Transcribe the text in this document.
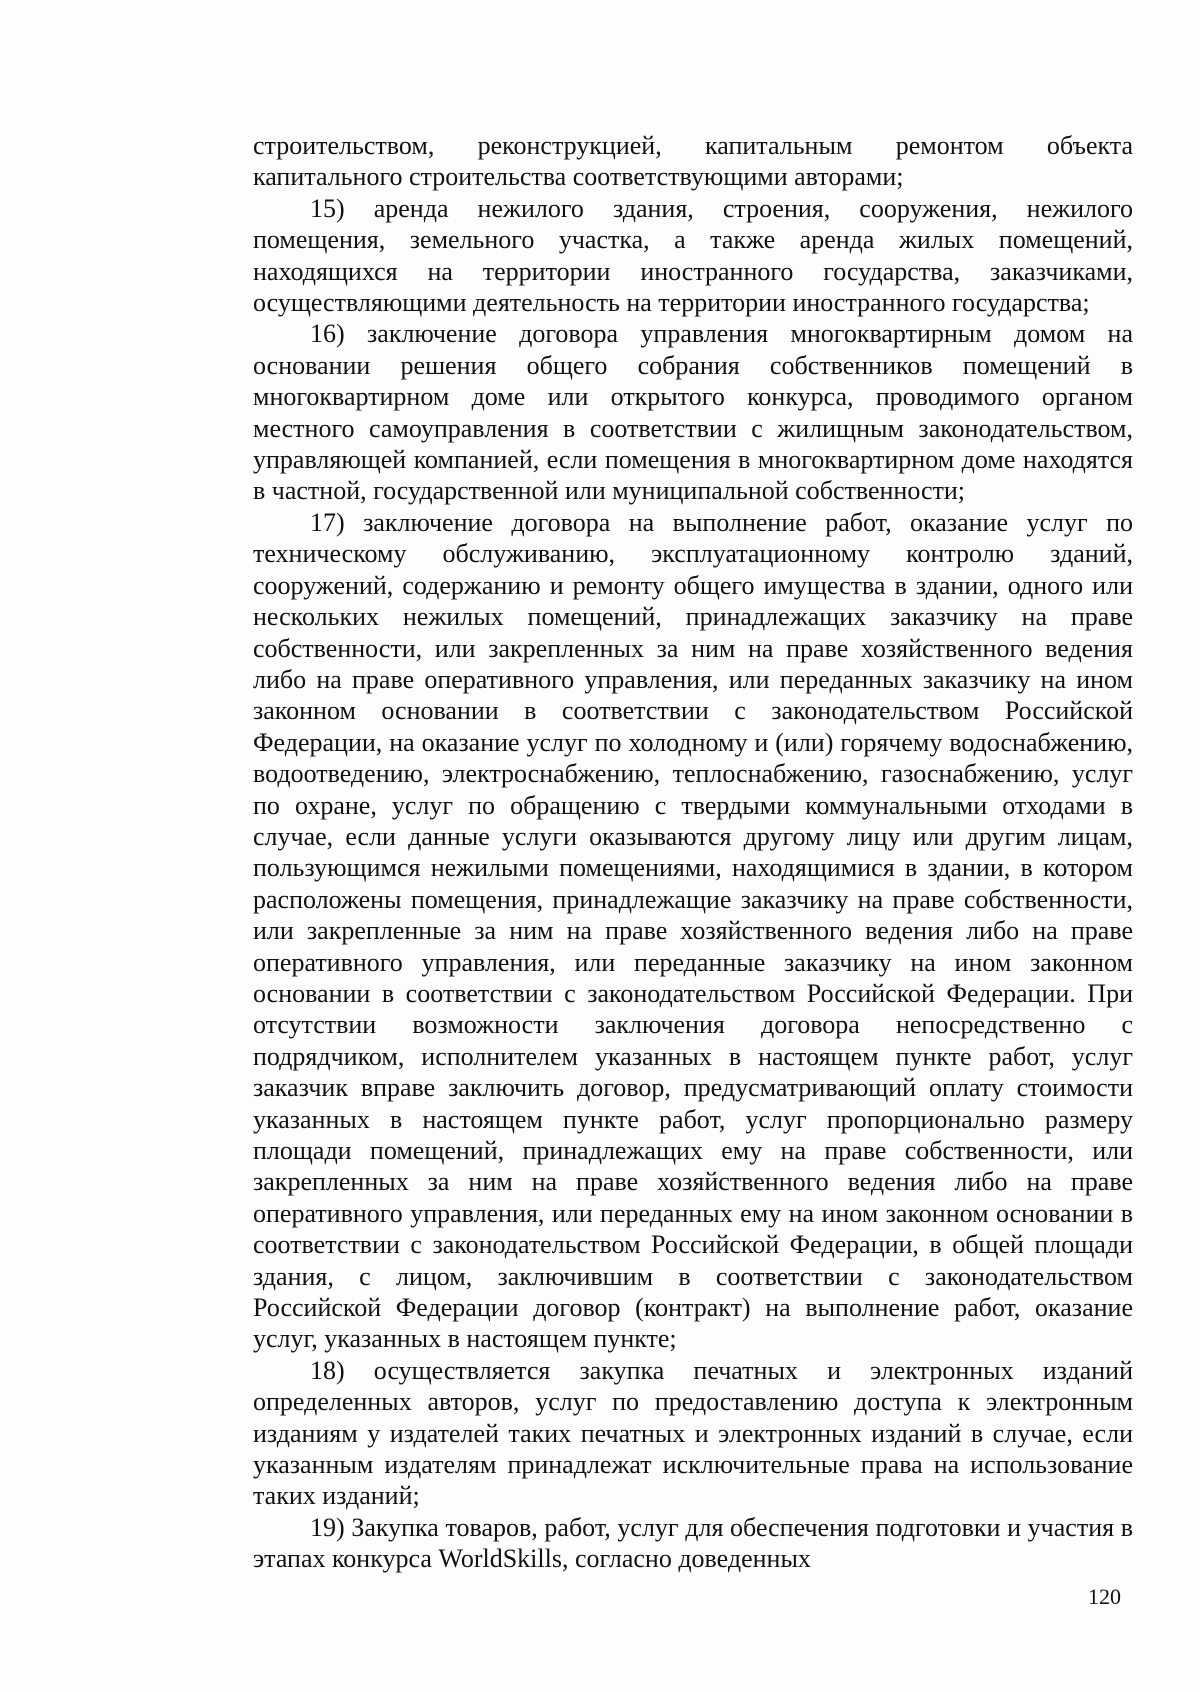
строительством, реконструкцией, капитальным ремонтом объекта капитального строительства соответствующими авторами;

15) аренда нежилого здания, строения, сооружения, нежилого помещения, земельного участка, а также аренда жилых помещений, находящихся на территории иностранного государства, заказчиками, осуществляющими деятельность на территории иностранного государства;

16) заключение договора управления многоквартирным домом на основании решения общего собрания собственников помещений в многоквартирном доме или открытого конкурса, проводимого органом местного самоуправления в соответствии с жилищным законодательством, управляющей компанией, если помещения в многоквартирном доме находятся в частной, государственной или муниципальной собственности;

17) заключение договора на выполнение работ, оказание услуг по техническому обслуживанию, эксплуатационному контролю зданий, сооружений, содержанию и ремонту общего имущества в здании, одного или нескольких нежилых помещений, принадлежащих заказчику на праве собственности, или закрепленных за ним на праве хозяйственного ведения либо на праве оперативного управления, или переданных заказчику на ином законном основании в соответствии с законодательством Российской Федерации, на оказание услуг по холодному и (или) горячему водоснабжению, водоотведению, электроснабжению, теплоснабжению, газоснабжению, услуг по охране, услуг по обращению с твердыми коммунальными отходами в случае, если данные услуги оказываются другому лицу или другим лицам, пользующимся нежилыми помещениями, находящимися в здании, в котором расположены помещения, принадлежащие заказчику на праве собственности, или закрепленные за ним на праве хозяйственного ведения либо на праве оперативного управления, или переданные заказчику на ином законном основании в соответствии с законодательством Российской Федерации. При отсутствии возможности заключения договора непосредственно с подрядчиком, исполнителем указанных в настоящем пункте работ, услуг заказчик вправе заключить договор, предусматривающий оплату стоимости указанных в настоящем пункте работ, услуг пропорционально размеру площади помещений, принадлежащих ему на праве собственности, или закрепленных за ним на праве хозяйственного ведения либо на праве оперативного управления, или переданных ему на ином законном основании в соответствии с законодательством Российской Федерации, в общей площади здания, с лицом, заключившим в соответствии с законодательством Российской Федерации договор (контракт) на выполнение работ, оказание услуг, указанных в настоящем пункте;

18) осуществляется закупка печатных и электронных изданий определенных авторов, услуг по предоставлению доступа к электронным изданиям у издателей таких печатных и электронных изданий в случае, если указанным издателям принадлежат исключительные права на использование таких изданий;

19) Закупка товаров, работ, услуг для обеспечения подготовки и участия в этапах конкурса WorldSkills, согласно доведенных

120
